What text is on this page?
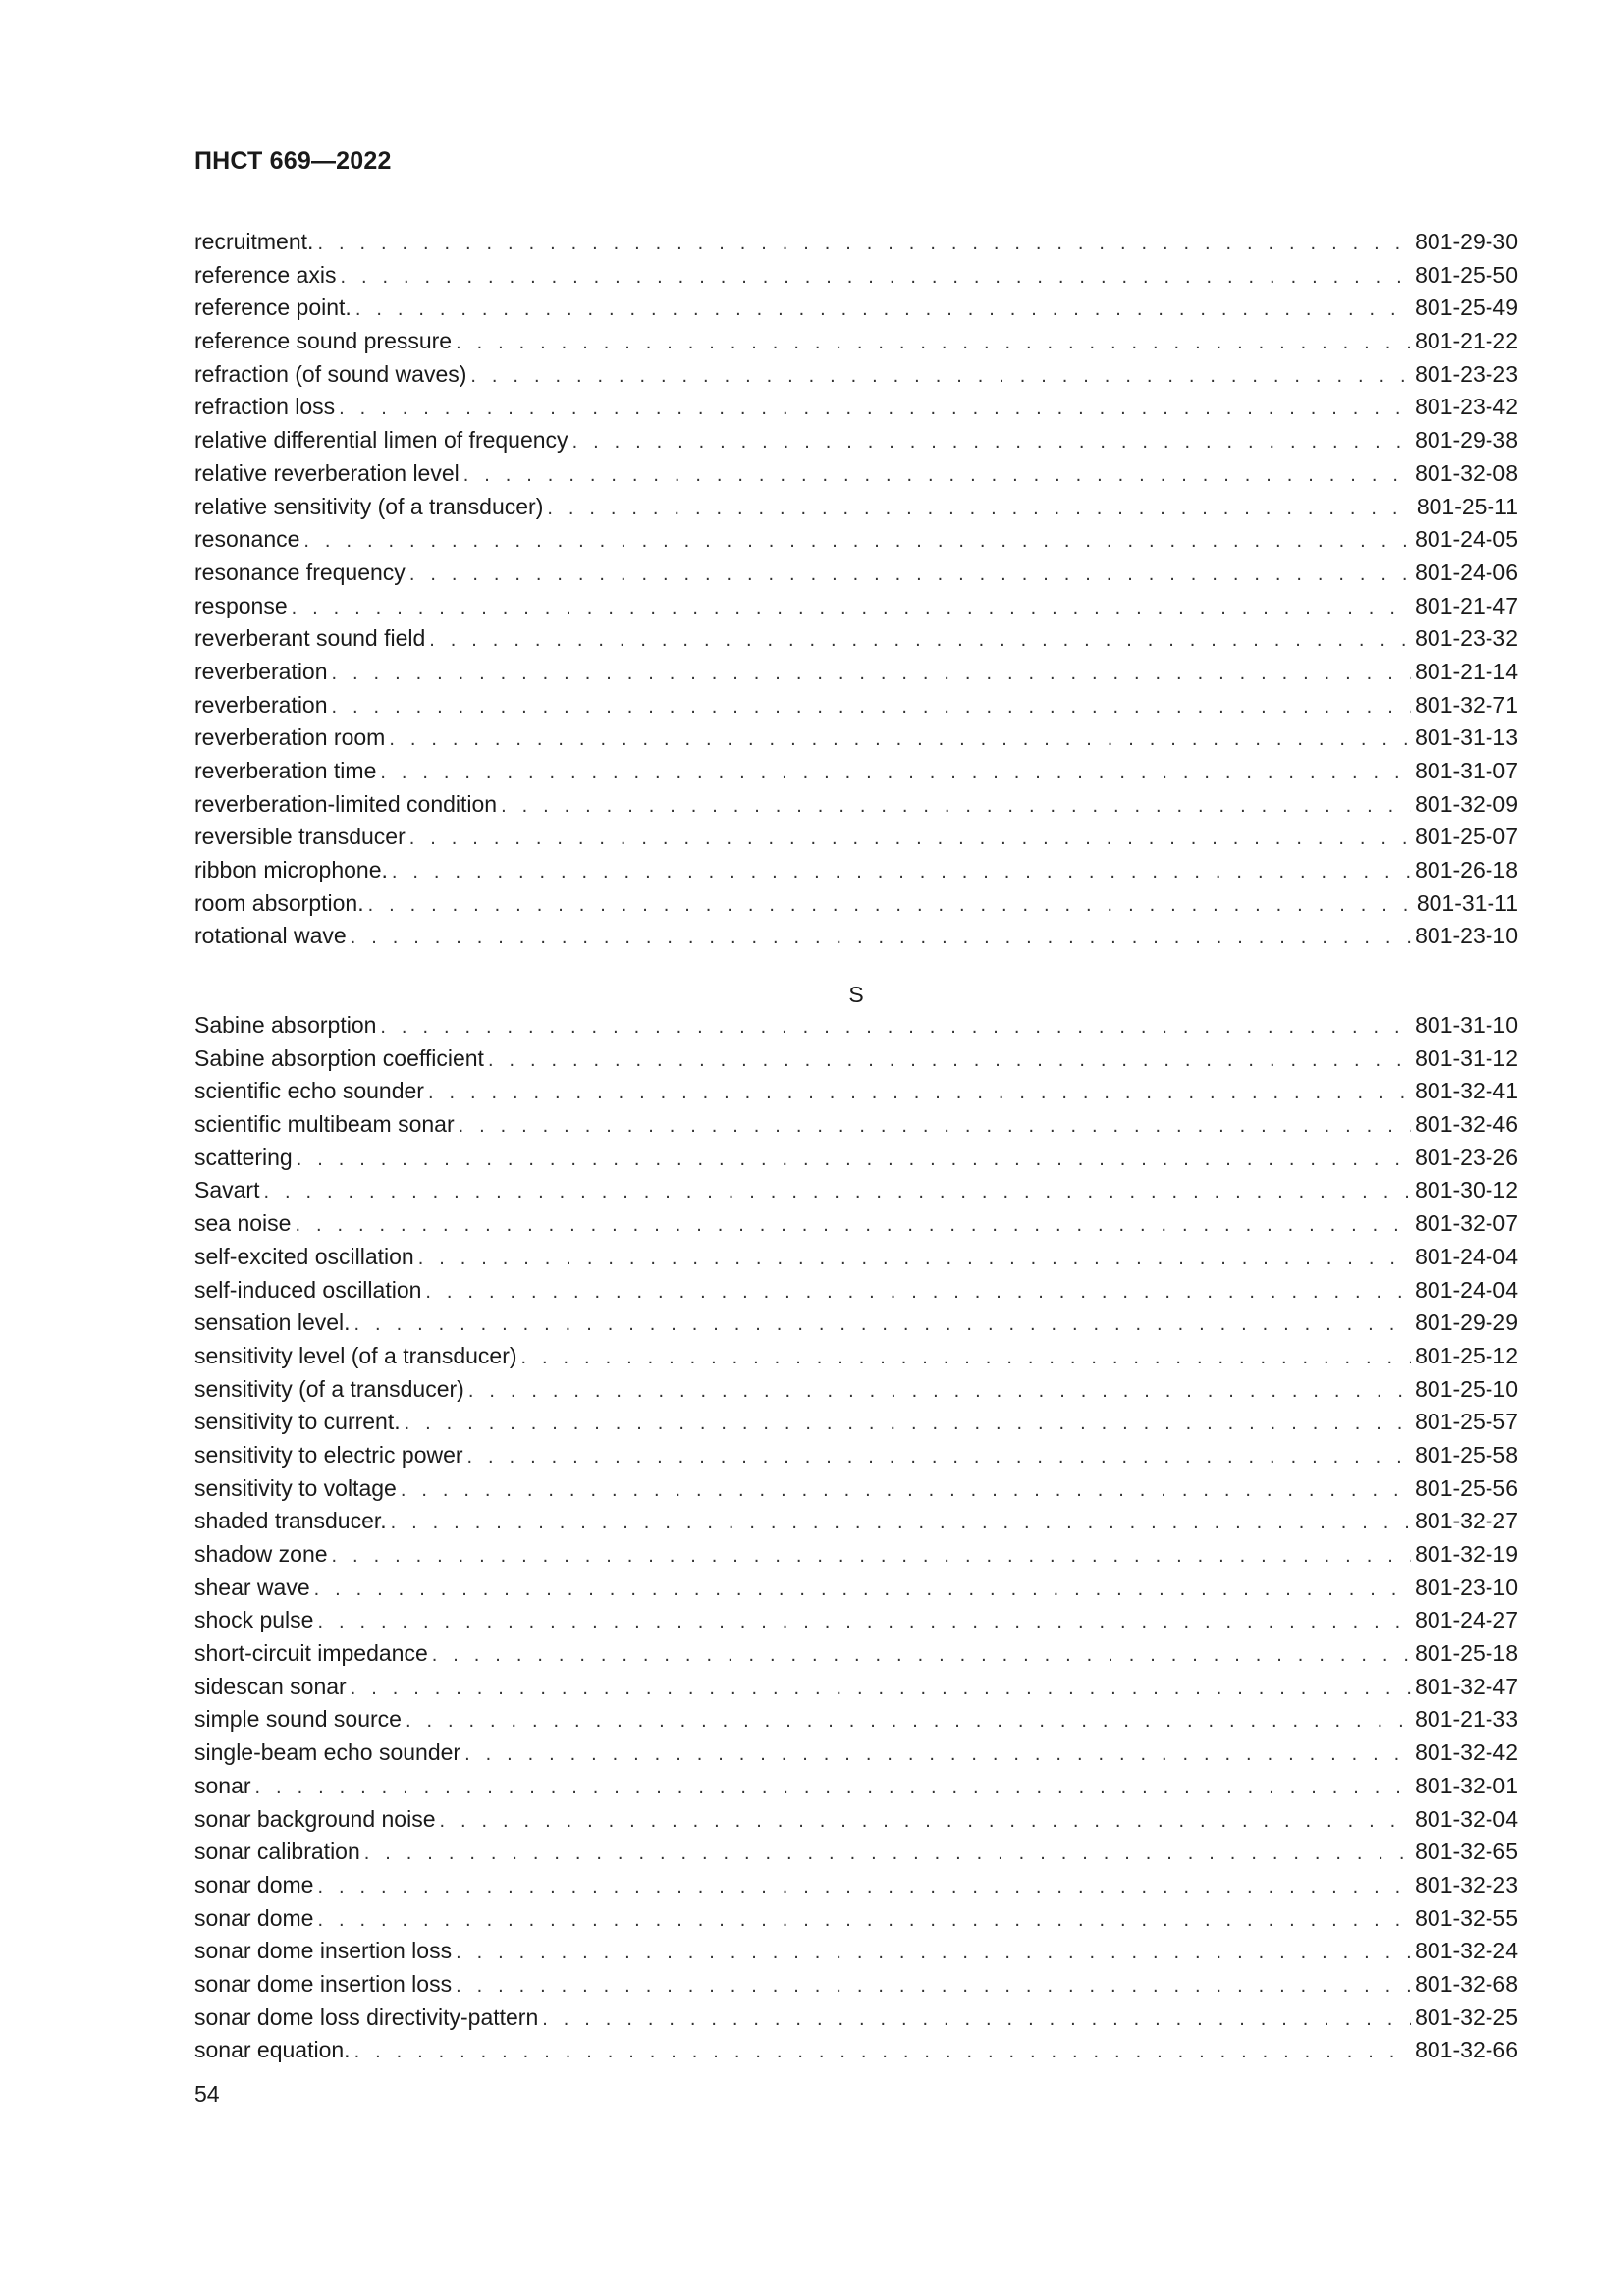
ПНСТ 669—2022
recruitment. . . .	801-29-30
reference axis . . .	801-25-50
reference point. . . .	801-25-49
reference sound pressure . . .	801-21-22
refraction (of sound waves) . . .	801-23-23
refraction loss . . .	801-23-42
relative differential limen of frequency . . .	801-29-38
relative reverberation level . . .	801-32-08
relative sensitivity (of a transducer) . . .	801-25-11
resonance . . .	801-24-05
resonance frequency . . .	801-24-06
response . . .	801-21-47
reverberant sound field . . .	801-23-32
reverberation . . .	801-21-14
reverberation . . .	801-32-71
reverberation room . . .	801-31-13
reverberation time . . .	801-31-07
reverberation-limited condition . . .	801-32-09
reversible transducer . . .	801-25-07
ribbon microphone. . . .	801-26-18
room absorption. . . .	801-31-11
rotational wave . . .	801-23-10
S
Sabine absorption . . .	801-31-10
Sabine absorption coefficient . . .	801-31-12
scientific echo sounder . . .	801-32-41
scientific multibeam sonar . . .	801-32-46
scattering . . .	801-23-26
Savart . . .	801-30-12
sea noise . . .	801-32-07
self-excited oscillation . . .	801-24-04
self-induced oscillation . . .	801-24-04
sensation level. . . .	801-29-29
sensitivity level (of a transducer) . . .	801-25-12
sensitivity (of a transducer) . . .	801-25-10
sensitivity to current. . . .	801-25-57
sensitivity to electric power . . .	801-25-58
sensitivity to voltage . . .	801-25-56
shaded transducer. . . .	801-32-27
shadow zone . . .	801-32-19
shear wave . . .	801-23-10
shock pulse . . .	801-24-27
short-circuit impedance . . .	801-25-18
sidescan sonar . . .	801-32-47
simple sound source . . .	801-21-33
single-beam echo sounder . . .	801-32-42
sonar . . .	801-32-01
sonar background noise . . .	801-32-04
sonar calibration . . .	801-32-65
sonar dome . . .	801-32-23
sonar dome . . .	801-32-55
sonar dome insertion loss . . .	801-32-24
sonar dome insertion loss . . .	801-32-68
sonar dome loss directivity-pattern . . .	801-32-25
sonar equation. . . .	801-32-66
54
